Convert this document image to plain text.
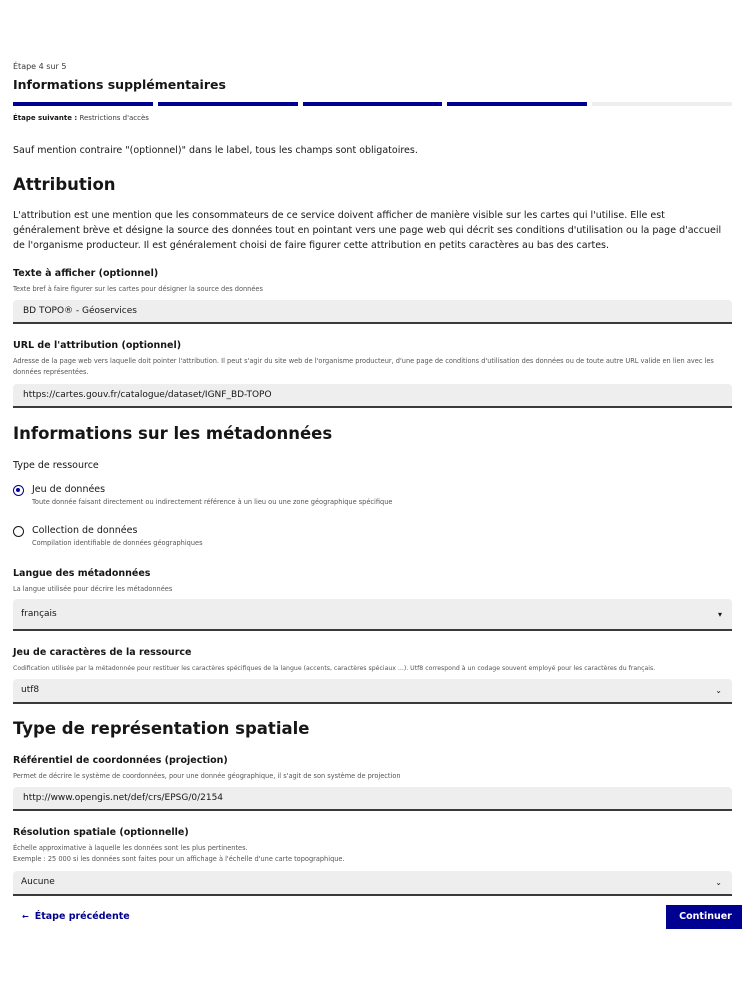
Étape 4 sur 5
Informations supplémentaires
Étape suivante : Restrictions d'accès
Sauf mention contraire "(optionnel)" dans le label, tous les champs sont obligatoires.
Attribution
L'attribution est une mention que les consommateurs de ce service doivent afficher de manière visible sur les cartes qui l'utilise. Elle est généralement brève et désigne la source des données tout en pointant vers une page web qui décrit ses conditions d'utilisation ou la page d'accueil de l'organisme producteur. Il est généralement choisi de faire figurer cette attribution en petits caractères au bas des cartes.
Texte à afficher (optionnel)
Texte bref à faire figurer sur les cartes pour désigner la source des données
BD TOPO® - Géoservices
URL de l'attribution (optionnel)
Adresse de la page web vers laquelle doit pointer l'attribution. Il peut s'agir du site web de l'organisme producteur, d'une page de conditions d'utilisation des données ou de toute autre URL valide en lien avec les données représentées.
https://cartes.gouv.fr/catalogue/dataset/IGNF_BD-TOPO
Informations sur les métadonnées
Type de ressource
Jeu de données
Toute donnée faisant directement ou indirectement référence à un lieu ou une zone géographique spécifique
Collection de données
Compilation identifiable de données géographiques
Langue des métadonnées
La langue utilisée pour décrire les métadonnées
français	▾
Jeu de caractères de la ressource
Codification utilisée par la métadonnée pour restituer les caractères spécifiques de la langue (accents, caractères spéciaux ...). Utf8 correspond à un codage souvent employé pour les caractères du français.
utf8	⌄
Type de représentation spatiale
Référentiel de coordonnées (projection)
Permet de décrire le système de coordonnées, pour une donnée géographique, il s'agit de son système de projection
http://www.opengis.net/def/crs/EPSG/0/2154
Résolution spatiale (optionnelle)
Échelle approximative à laquelle les données sont les plus pertinentes.
Exemple : 25 000 si les données sont faites pour un affichage à l'échelle d'une carte topographique.
Aucune	⌄
← Étape précédente	Continuer
